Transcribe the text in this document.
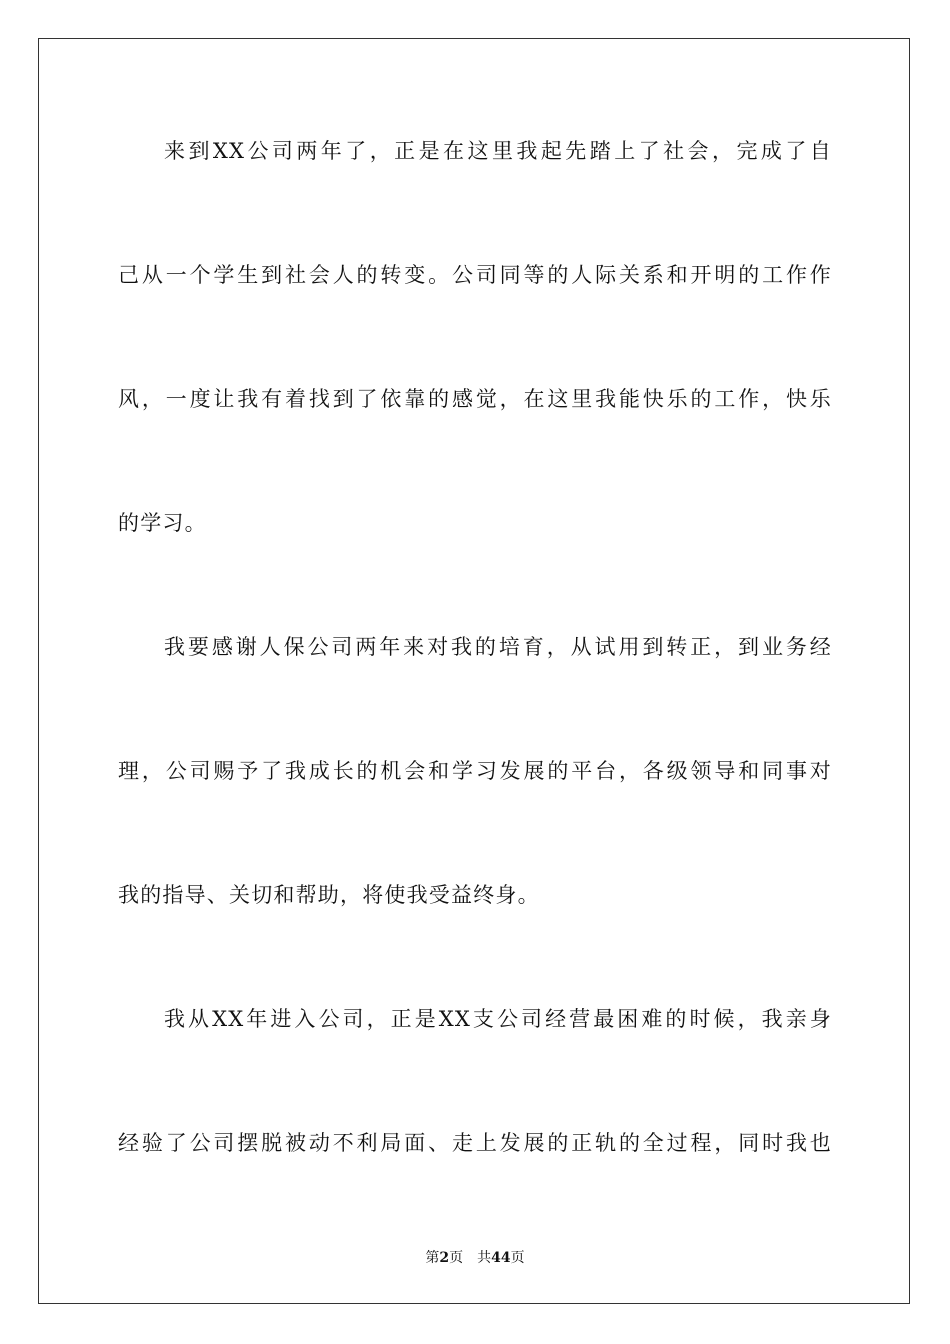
来到XX公司两年了，正是在这里我起先踏上了社会，完成了自
己从一个学生到社会人的转变。公司同等的人际关系和开明的工作作
风，一度让我有着找到了依靠的感觉，在这里我能快乐的工作，快乐
的学习。
我要感谢人保公司两年来对我的培育，从试用到转正，到业务经
理，公司赐予了我成长的机会和学习发展的平台，各级领导和同事对
我的指导、关切和帮助，将使我受益终身。
我从XX年进入公司，正是XX支公司经营最困难的时候，我亲身
经验了公司摆脱被动不利局面、走上发展的正轨的全过程，同时我也
第2页 共44页
